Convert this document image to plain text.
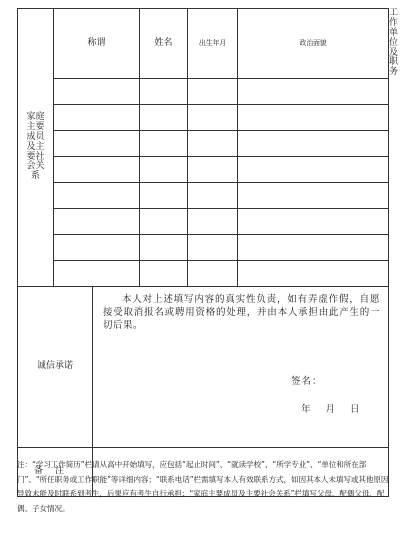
家庭主要成员及主要社会关系	称谓		姓名	出生年月	政治面貌	工作单位及职务

诚信承诺		本人对上述填写内容的真实性负责，如有弄虚作假，自愿接受取消报名或聘用资格的处理，并由本人承担由此产生的一切后果。
签名：
年 月 日				

备注						
注：“学习工作简历”栏请从高中开始填写，应包括“起止时间”、“就读学校”、“所学专业”、“单位和所在部门”、“所任职务或工作职能”等详细内容；“联系电话”栏需填写本人有效联系方式，如因其本人未填写或其他原因导致未能及时联系到考生，后果应有考生自行承担；“家庭主要成员及主要社会关系”栏填写父母、配偶父母、配偶、子女情况。
